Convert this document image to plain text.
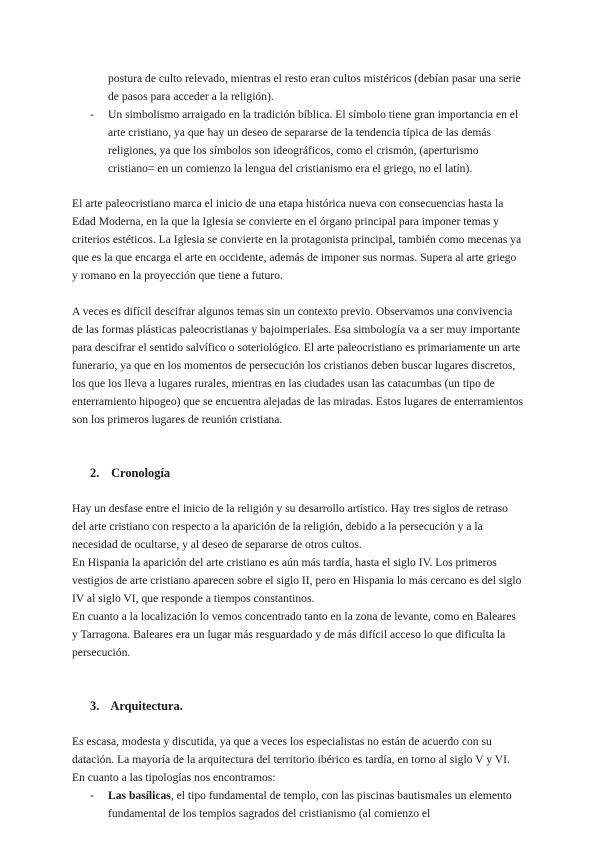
postura de culto relevado, mientras el resto eran cultos mistéricos (debían pasar una serie de pasos para acceder a la religión).
- Un simbolismo arraigado en la tradición bíblica. El símbolo tiene gran importancia en el arte cristiano, ya que hay un deseo de separarse de la tendencia típica de las demás religiones, ya que los símbolos son ideográficos, como el crismón, (aperturismo cristiano= en un comienzo la lengua del cristianismo era el griego, no el latín).
El arte paleocristiano marca el inicio de una etapa histórica nueva con consecuencias hasta la Edad Moderna, en la que la Iglesia se convierte en el órgano principal para imponer temas y criterios estéticos. La Iglesia se convierte en la protagonista principal, también como mecenas ya que es la que encarga el arte en occidente, además de imponer sus normas. Supera al arte griego y romano en la proyección que tiene a futuro.
A veces es difícil descifrar algunos temas sin un contexto previo. Observamos una convivencia de las formas plásticas paleocristianas y bajoimperiales. Esa simbología va a ser muy importante para descifrar el sentido salvífico o soteriológico. El arte paleocristiano es primariamente un arte funerario, ya que en los momentos de persecución los cristianos deben buscar lugares discretos, los que los lleva a lugares rurales, mientras en las ciudades usan las catacumbas (un tipo de enterramiento hipogeo) que se encuentra alejadas de las miradas. Estos lugares de enterramientos son los primeros lugares de reunión cristiana.
2. Cronología
Hay un desfase entre el inicio de la religión y su desarrollo artístico. Hay tres siglos de retraso del arte cristiano con respecto a la aparición de la religión, debido a la persecución y a la necesidad de ocultarse, y al deseo de separarse de otros cultos.
En Hispania la aparición del arte cristiano es aún más tardía, hasta el siglo IV. Los primeros vestigios de arte cristiano aparecen sobre el siglo II, pero en Hispania lo más cercano es del siglo IV al siglo VI, que responde a tiempos constantinos.
En cuanto a la localización lo vemos concentrado tanto en la zona de levante, como en Baleares y Tarragona. Baleares era un lugar más resguardado y de más difícil acceso lo que dificulta la persecución.
3. Arquitectura.
Es escasa, modesta y discutida, ya que a veces los especialistas no están de acuerdo con su datación. La mayoría de la arquitectura del territorio ibérico es tardía, en torno al siglo V y VI. En cuanto a las tipologías nos encontramos:
- Las basílicas, el tipo fundamental de templo, con las piscinas bautismales un elemento fundamental de los templos sagrados del cristianismo (al comienzo el
